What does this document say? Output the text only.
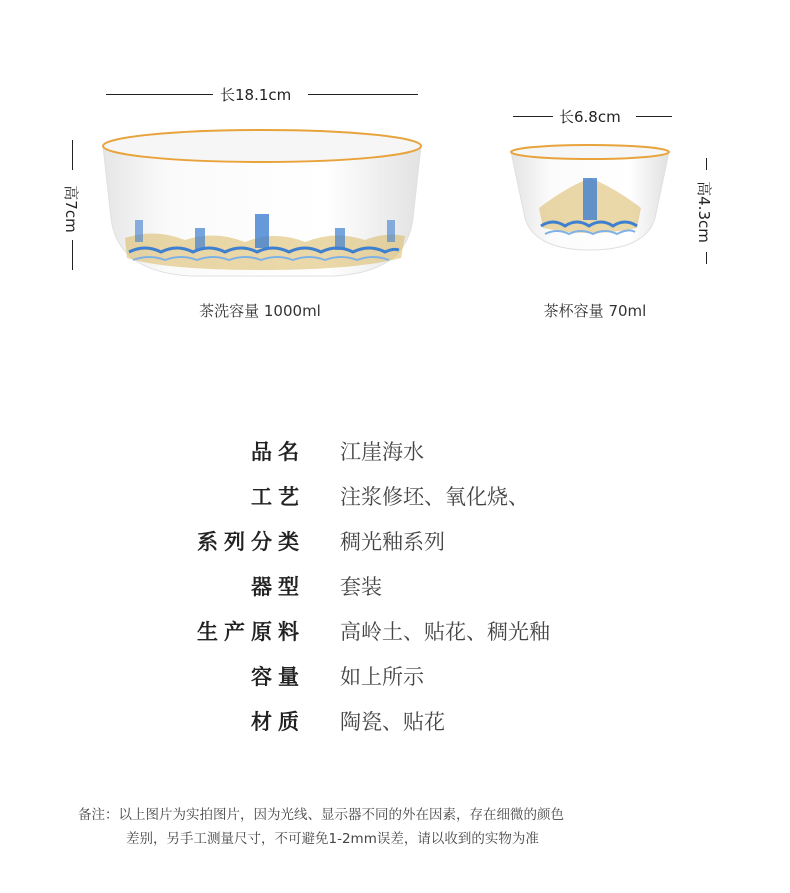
长18.1cm
高7cm
长6.8cm
高4.3cm
茶洗容量 1000ml	茶杯容量 70ml
品名 江崖海水
工艺 注浆修坯、氧化烧、
系列分类 稠光釉系列
器型 套装
生产原料 高岭土、贴花、稠光釉
容量 如上所示
材质 陶瓷、贴花
备注：以上图片为实拍图片，因为光线、显示器不同的外在因素，存在细微的颜色
差别，另手工测量尺寸，不可避免1-2mm误差，请以收到的实物为准
